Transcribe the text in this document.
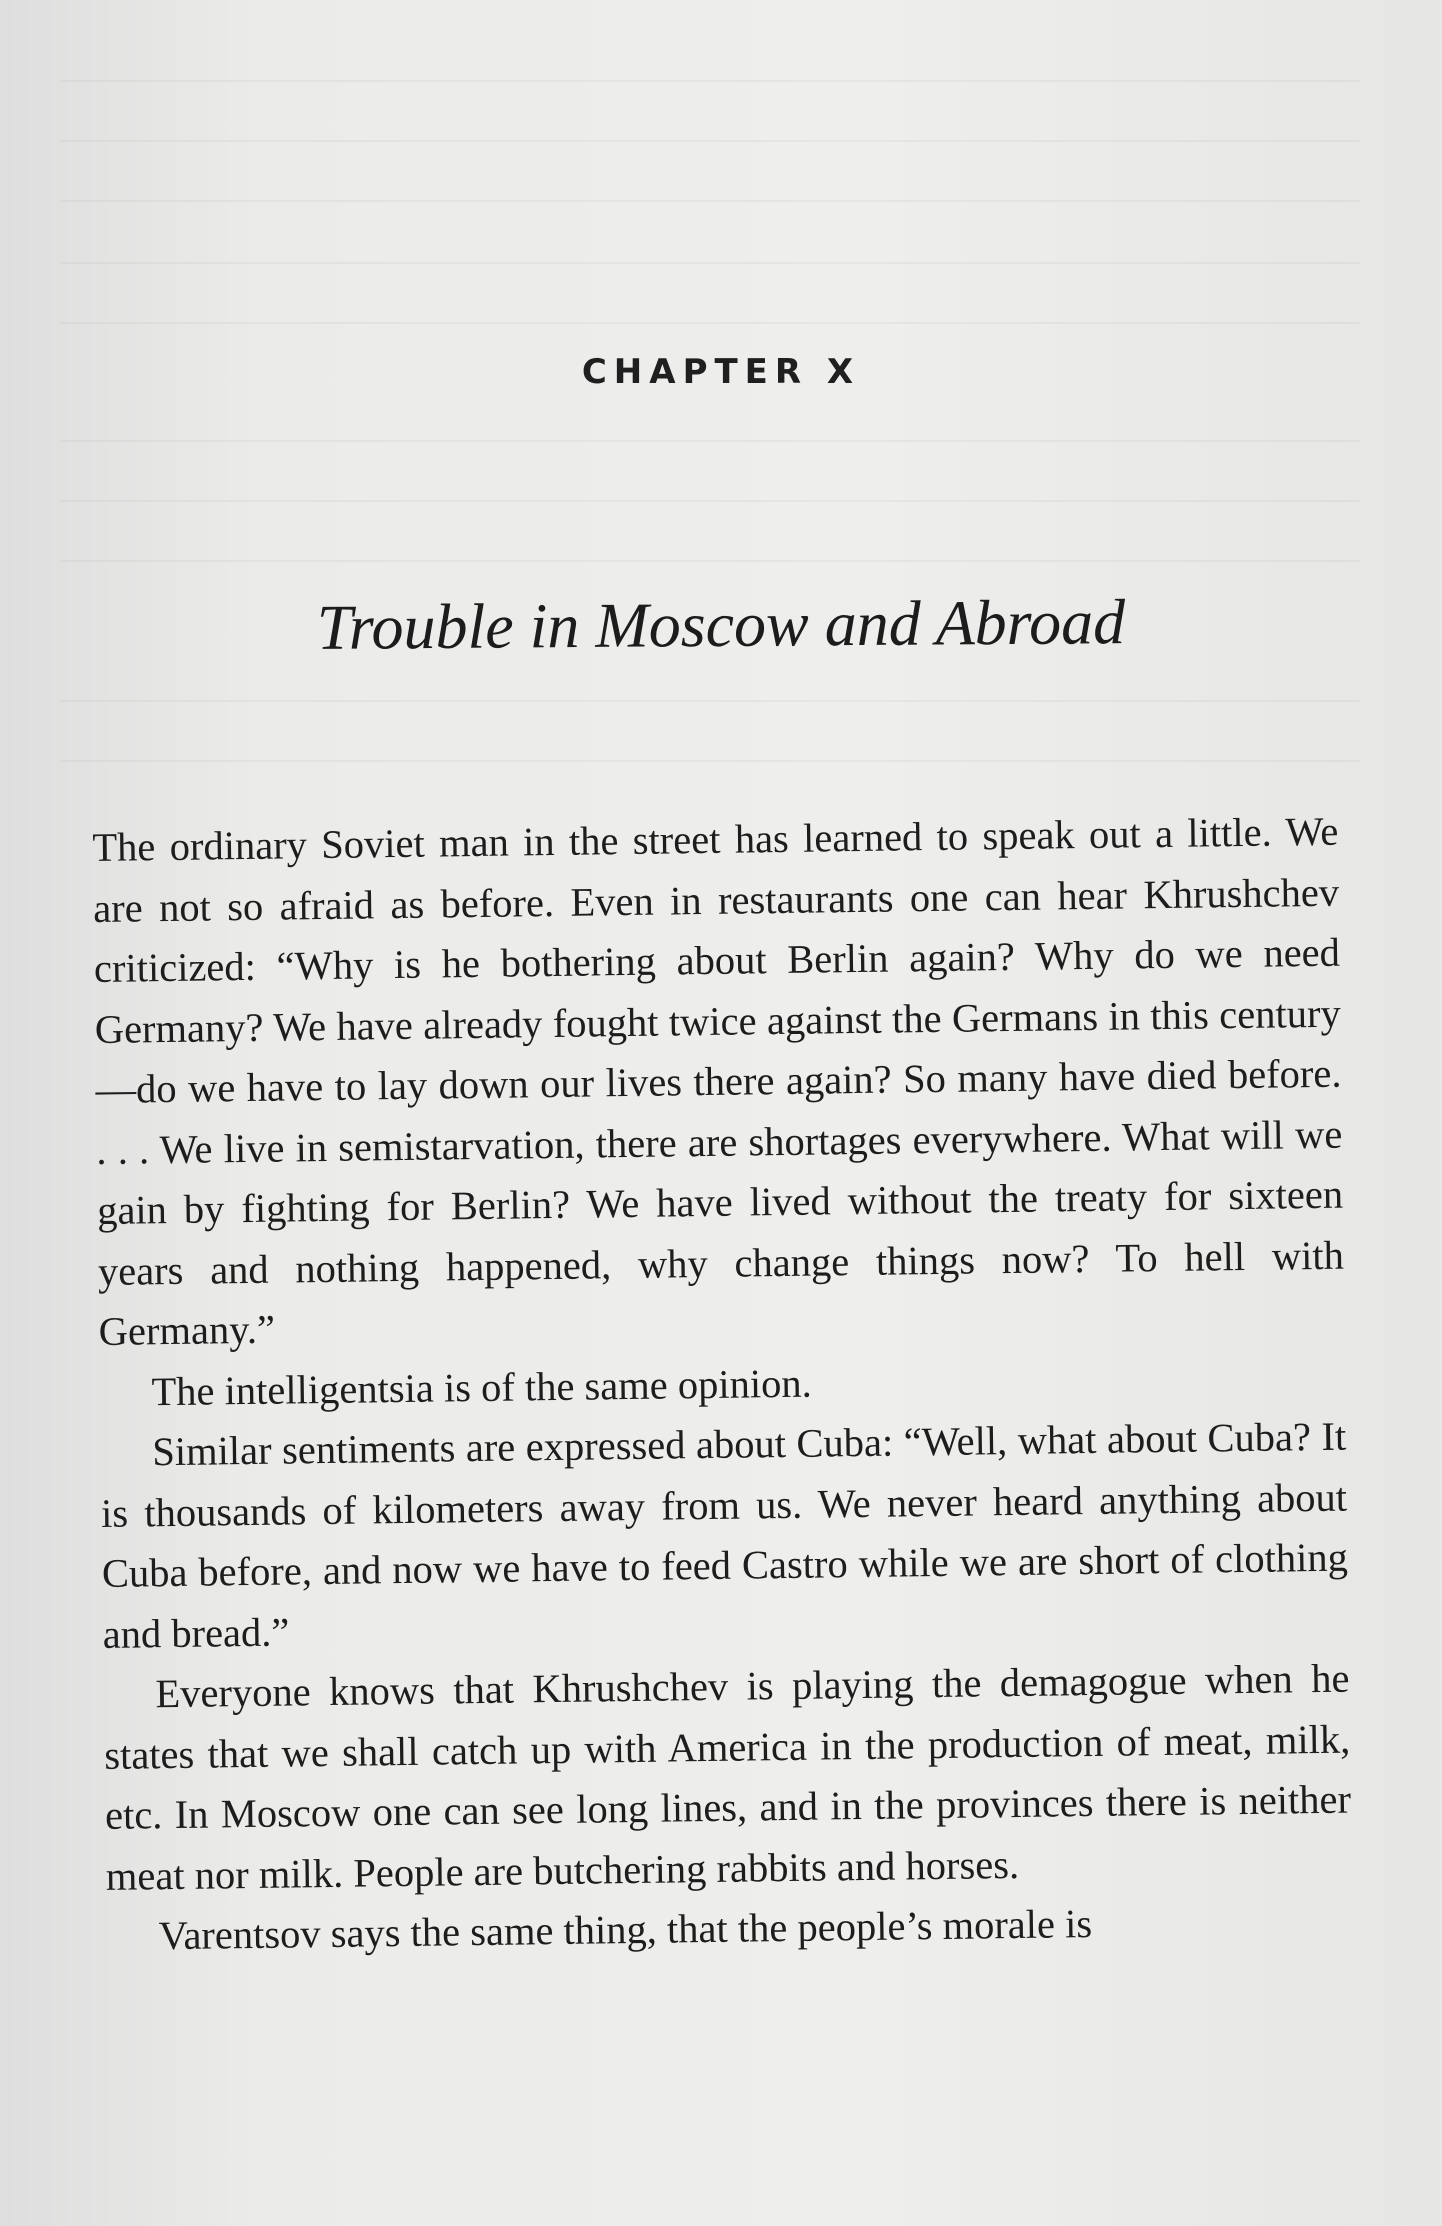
CHAPTER X
Trouble in Moscow and Abroad

The ordinary Soviet man in the street has learned to speak out a little. We are not so afraid as before. Even in restaurants one can hear Khrushchev criticized: “Why is he bothering about Berlin again? Why do we need Germany? We have already fought twice against the Germans in this century—do we have to lay down our lives there again? So many have died before. . . . We live in semistarvation, there are shortages everywhere. What will we gain by fighting for Berlin? We have lived without the treaty for sixteen years and nothing happened, why change things now? To hell with Germany.”

The intelligentsia is of the same opinion.

Similar sentiments are expressed about Cuba: “Well, what about Cuba? It is thousands of kilometers away from us. We never heard anything about Cuba before, and now we have to feed Castro while we are short of clothing and bread.”

Everyone knows that Khrushchev is playing the demagogue when he states that we shall catch up with America in the production of meat, milk, etc. In Moscow one can see long lines, and in the provinces there is neither meat nor milk. People are butchering rabbits and horses.

Varentsov says the same thing, that the people’s morale is
